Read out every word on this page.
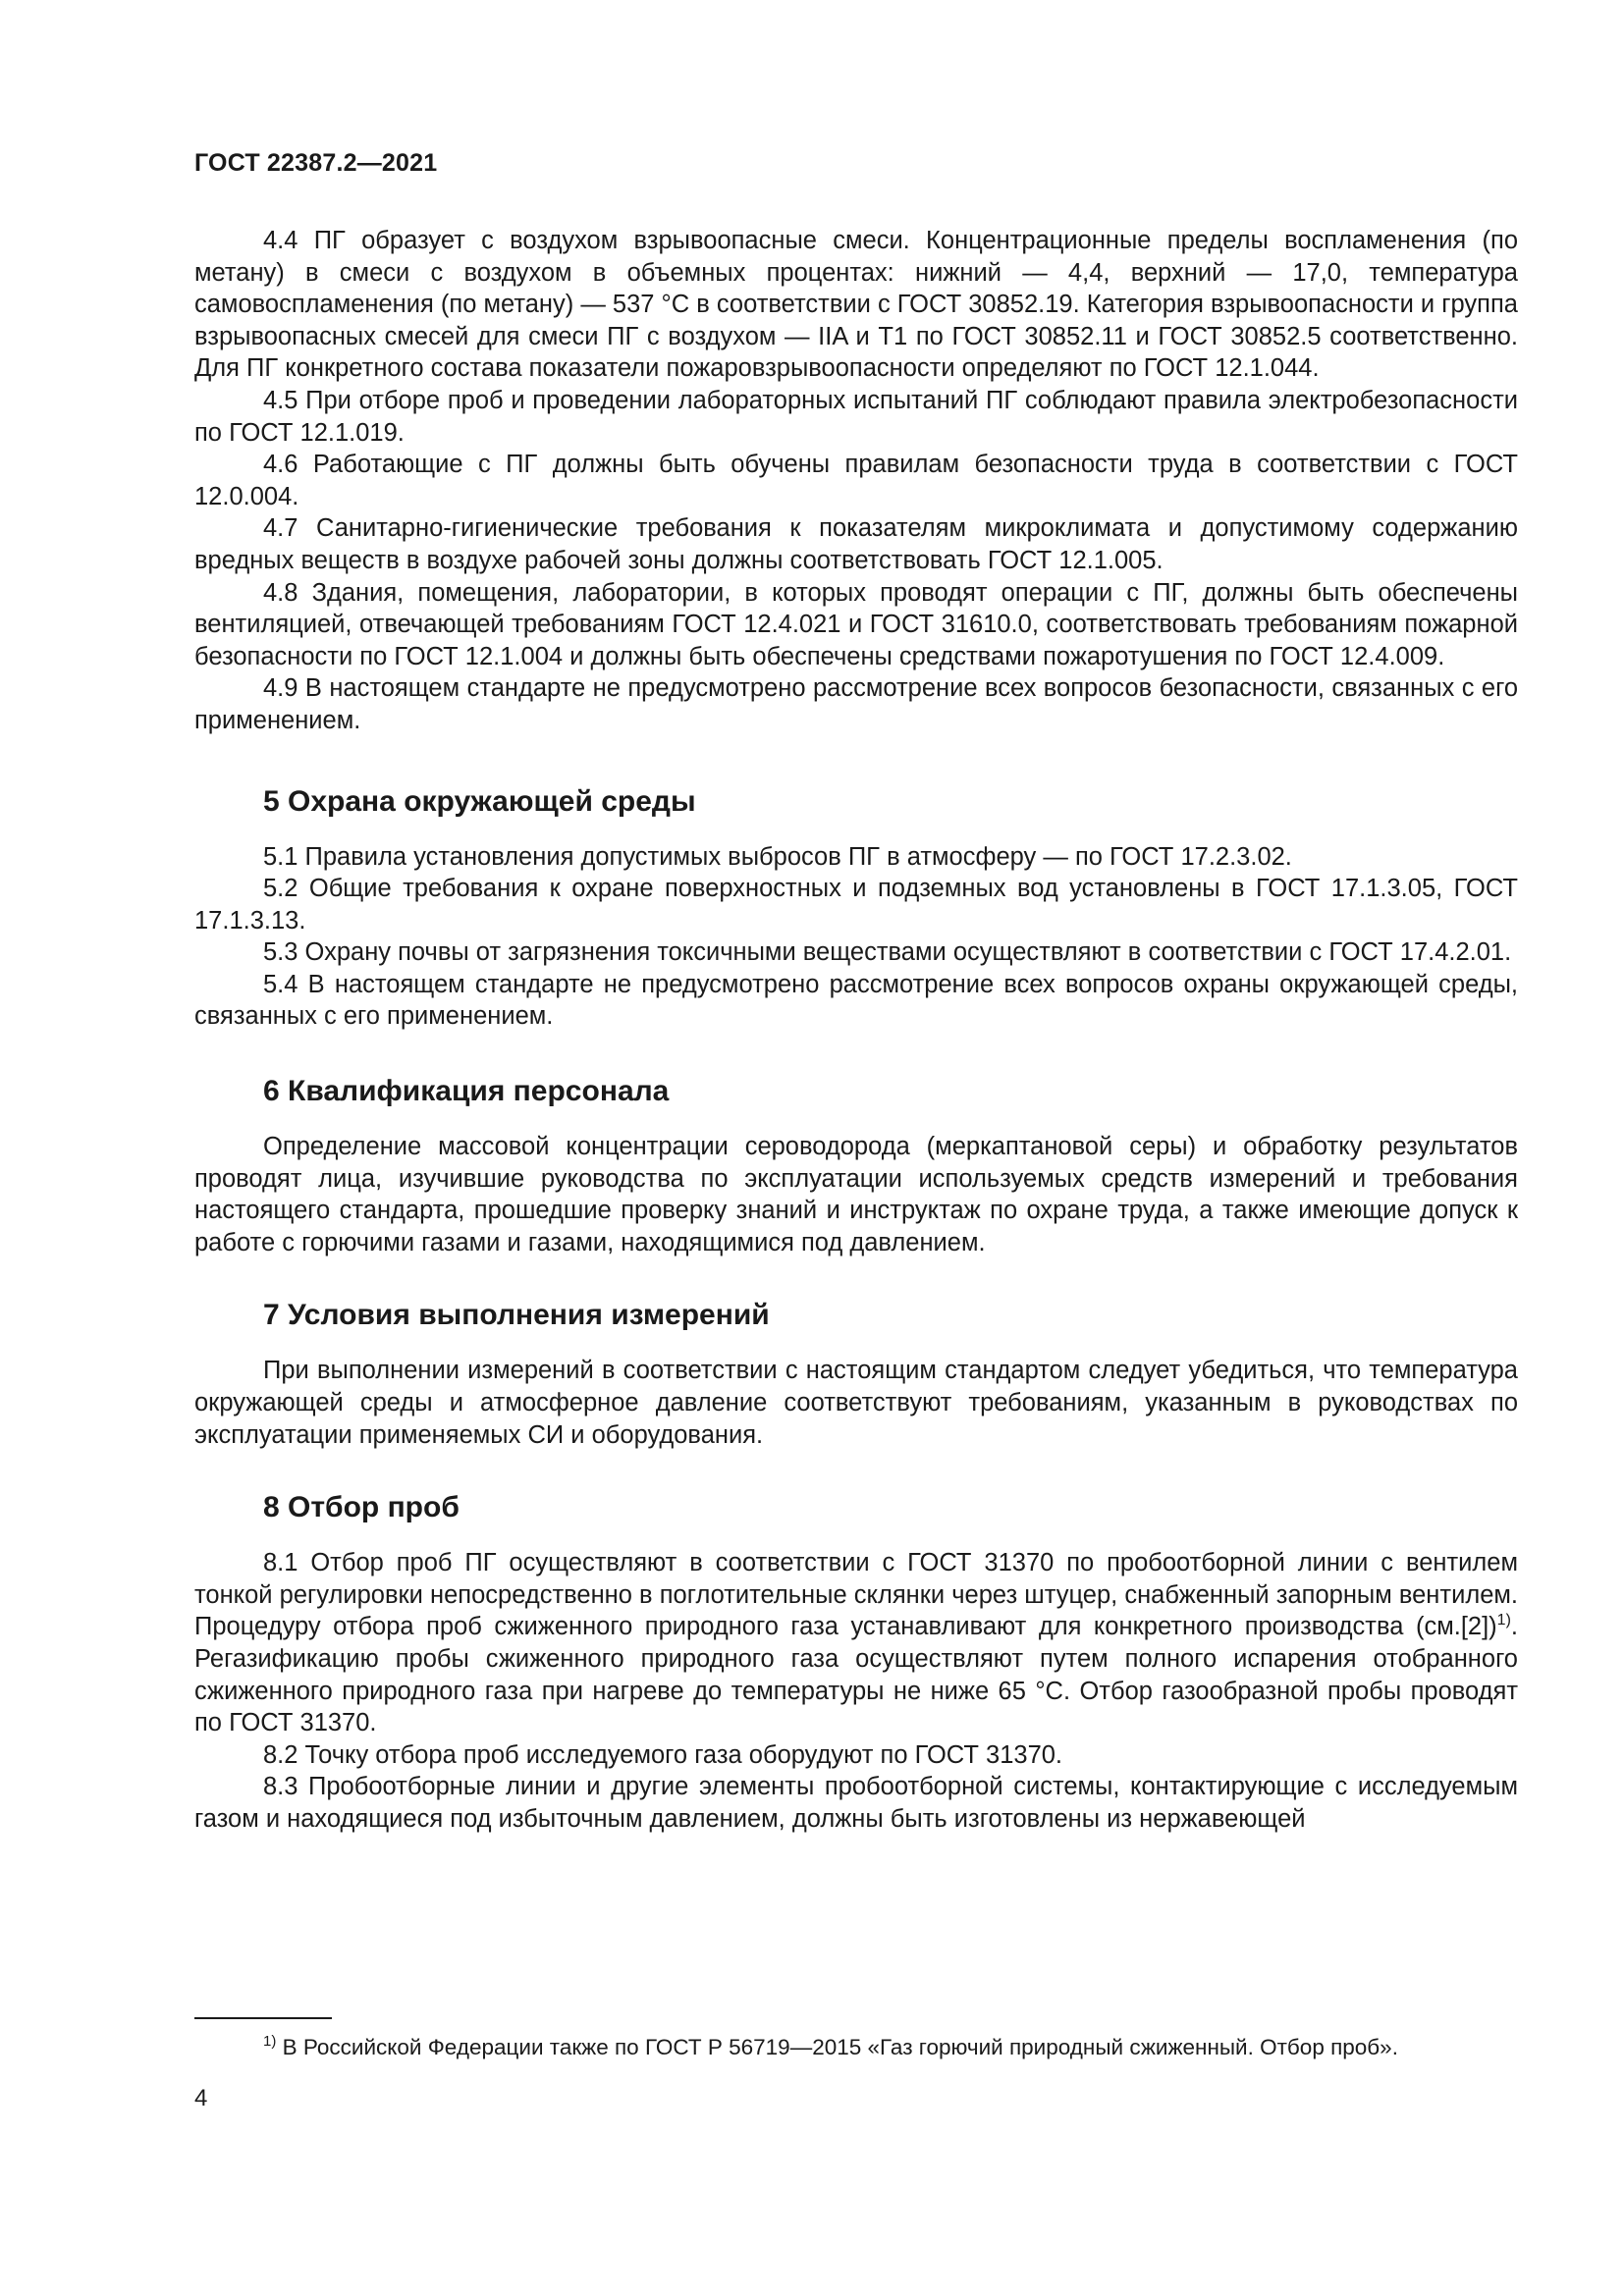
ГОСТ 22387.2—2021

4.4 ПГ образует с воздухом взрывоопасные смеси. Концентрационные пределы воспламенения (по метану) в смеси с воздухом в объемных процентах: нижний — 4,4, верхний — 17,0, температура самовоспламенения (по метану) — 537 °С в соответствии с ГОСТ 30852.19. Категория взрывоопасности и группа взрывоопасных смесей для смеси ПГ с воздухом — IIA и Т1 по ГОСТ 30852.11 и ГОСТ 30852.5 соответственно. Для ПГ конкретного состава показатели пожаровзрывоопасности определяют по ГОСТ 12.1.044.

4.5 При отборе проб и проведении лабораторных испытаний ПГ соблюдают правила электробезопасности по ГОСТ 12.1.019.

4.6 Работающие с ПГ должны быть обучены правилам безопасности труда в соответствии с ГОСТ 12.0.004.

4.7 Санитарно-гигиенические требования к показателям микроклимата и допустимому содержанию вредных веществ в воздухе рабочей зоны должны соответствовать ГОСТ 12.1.005.

4.8 Здания, помещения, лаборатории, в которых проводят операции с ПГ, должны быть обеспечены вентиляцией, отвечающей требованиям ГОСТ 12.4.021 и ГОСТ 31610.0, соответствовать требованиям пожарной безопасности по ГОСТ 12.1.004 и должны быть обеспечены средствами пожаротушения по ГОСТ 12.4.009.

4.9 В настоящем стандарте не предусмотрено рассмотрение всех вопросов безопасности, связанных с его применением.

5 Охрана окружающей среды

5.1 Правила установления допустимых выбросов ПГ в атмосферу — по ГОСТ 17.2.3.02.

5.2 Общие требования к охране поверхностных и подземных вод установлены в ГОСТ 17.1.3.05, ГОСТ 17.1.3.13.

5.3 Охрану почвы от загрязнения токсичными веществами осуществляют в соответствии с ГОСТ 17.4.2.01.

5.4 В настоящем стандарте не предусмотрено рассмотрение всех вопросов охраны окружающей среды, связанных с его применением.

6 Квалификация персонала

Определение массовой концентрации сероводорода (меркаптановой серы) и обработку результатов проводят лица, изучившие руководства по эксплуатации используемых средств измерений и требования настоящего стандарта, прошедшие проверку знаний и инструктаж по охране труда, а также имеющие допуск к работе с горючими газами и газами, находящимися под давлением.

7 Условия выполнения измерений

При выполнении измерений в соответствии с настоящим стандартом следует убедиться, что температура окружающей среды и атмосферное давление соответствуют требованиям, указанным в руководствах по эксплуатации применяемых СИ и оборудования.

8 Отбор проб

8.1 Отбор проб ПГ осуществляют в соответствии с ГОСТ 31370 по пробоотборной линии с вентилем тонкой регулировки непосредственно в поглотительные склянки через штуцер, снабженный запорным вентилем. Процедуру отбора проб сжиженного природного газа устанавливают для конкретного производства $(см.[2])^{1)}$. Регазификацию пробы сжиженного природного газа осуществляют путем полного испарения отобранного сжиженного природного газа при нагреве до температуры не ниже 65 °С. Отбор газообразной пробы проводят по ГОСТ 31370.

8.2 Точку отбора проб исследуемого газа оборудуют по ГОСТ 31370.

8.3 Пробоотборные линии и другие элементы пробоотборной системы, контактирующие с исследуемым газом и находящиеся под избыточным давлением, должны быть изготовлены из нержавеющей

$^{1)}$ В Российской Федерации также по ГОСТ Р 56719—2015 «Газ горючий природный сжиженный. Отбор проб».
4
